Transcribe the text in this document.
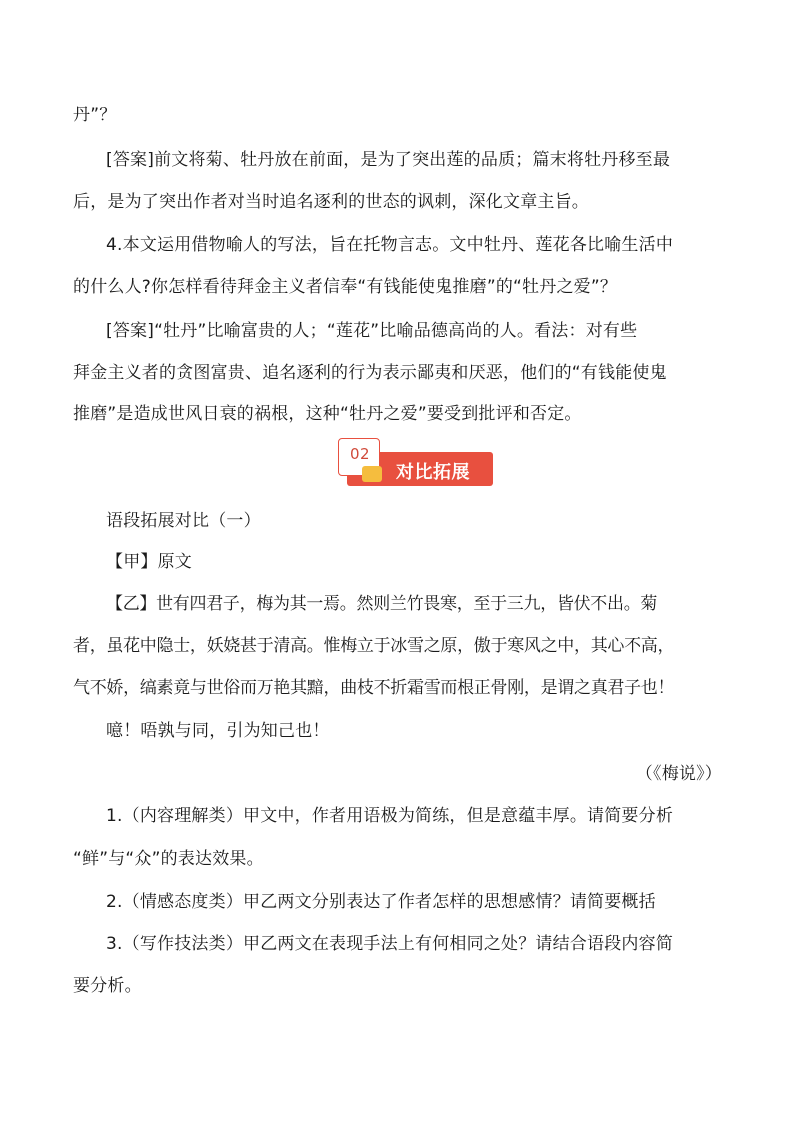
丹”？
[答案]前文将菊、牡丹放在前面，是为了突出莲的品质；篇末将牡丹移至最
后，是为了突出作者对当时追名逐利的世态的讽刺，深化文章主旨。
4.本文运用借物喻人的写法，旨在托物言志。文中牡丹、莲花各比喻生活中
的什么人?你怎样看待拜金主义者信奉“有钱能使鬼推磨”的“牡丹之爱”？
[答案]“牡丹”比喻富贵的人；“莲花”比喻品德高尚的人。看法：对有些
拜金主义者的贪图富贵、追名逐利的行为表示鄙夷和厌恶，他们的“有钱能使鬼
推磨”是造成世风日衰的祸根，这种“牡丹之爱”要受到批评和否定。
02
对比拓展
语段拓展对比（一）
【甲】原文
【乙】世有四君子，梅为其一焉。然则兰竹畏寒，至于三九，皆伏不出。菊
者，虽花中隐士，妖娆甚于清高。惟梅立于冰雪之原，傲于寒风之中，其心不高，
气不娇，缟素竟与世俗而万艳其黯，曲枝不折霜雪而根正骨刚，是谓之真君子也！
噫！唔孰与同，引为知己也！
（《梅说》）
1.（内容理解类）甲文中，作者用语极为简练，但是意蕴丰厚。请简要分析
“鲜”与“众”的表达效果。
2.（情感态度类）甲乙两文分别表达了作者怎样的思想感情？请简要概括
3.（写作技法类）甲乙两文在表现手法上有何相同之处？请结合语段内容简
要分析。
